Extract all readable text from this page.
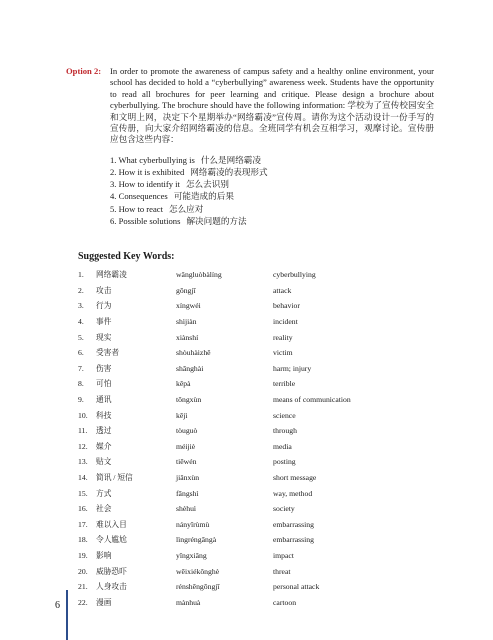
Option 2: In order to promote the awareness of campus safety and a healthy online environment, your school has decided to hold a “cyberbullying” awareness week. Students have the opportunity to read all brochures for peer learning and critique. Please design a brochure about cyberbullying. The brochure should have the following information: 学校为了宣传校园安全和文明上网，决定下个星期举办“网络霸凌”宣传周。请你为这个活动设计一份手写的宣传册，向大家介绍网络霸凌的信息。全班同学有机会互相学习，观摩讨论。宣传册应包含这些内容：

1. What cyberbullying is 什么是网络霸凌
2. How it is exhibited 网络霸凌的表现形式
3. How to identify it 怎么去识别
4. Consequences 可能造成的后果
5. How to react 怎么应对
6. Possible solutions 解决问题的方法
Suggested Key Words:
1.	网络霸凌	wǎngluòbàlíng	cyberbullying
2.	攻击	gōngjī	attack
3.	行为	xíngwéi	behavior
4.	事件	shìjiàn	incident
5.	现实	xiànshí	reality
6.	受害者	shòuhàizhě	victim
7.	伤害	shānghài	harm; injury
8.	可怕	kěpà	terrible
9.	通讯	tōngxùn	means of communication
10.	科技	kējì	science
11.	透过	tòuguò	through
12.	媒介	méijiè	media
13.	贴文	tiēwén	posting
14.	简讯 / 短信	jiǎnxùn	short message
15.	方式	fāngshì	way, method
16.	社会	shèhuì	society
17.	难以入目	nányǐrùmù	embarrassing
18.	令人尴尬	lìngréngāngà	embarrassing
19.	影响	yǐngxiǎng	impact
20.	威胁恐吓	wēixiékǒnghè	threat
21.	人身攻击	rénshēngōngjī	personal attack
22.	漫画	mànhuà	cartoon
6
